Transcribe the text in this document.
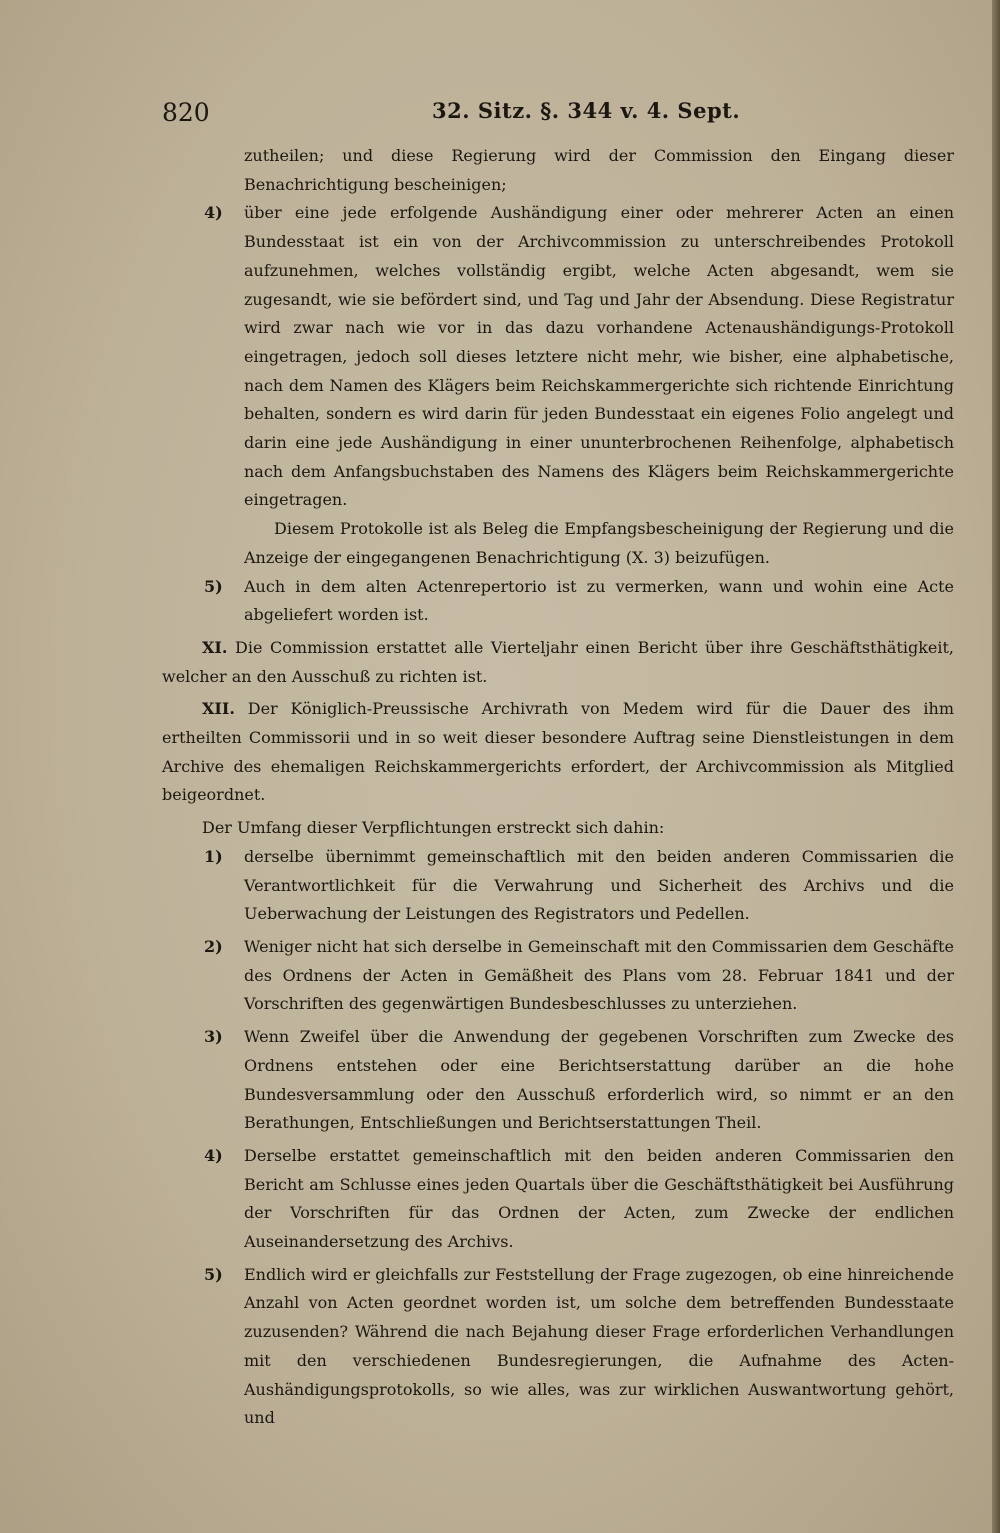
820	32. Sitz. §. 344 v. 4. Sept.

zutheilen; und diese Regierung wird der Commission den Eingang dieser Benachrichtigung bescheinigen;

4)	über eine jede erfolgende Aushändigung einer oder mehrerer Acten an einen Bundesstaat ist ein von der Archivcommission zu unterschreibendes Protokoll aufzunehmen, welches vollständig ergibt, welche Acten abgesandt, wem sie zugesandt, wie sie befördert sind, und Tag und Jahr der Absendung. Diese Registratur wird zwar nach wie vor in das dazu vorhandene Actenaushändigungs-Protokoll eingetragen, jedoch soll dieses letztere nicht mehr, wie bisher, eine alphabetische, nach dem Namen des Klägers beim Reichskammergerichte sich richtende Einrichtung behalten, sondern es wird darin für jeden Bundesstaat ein eigenes Folio angelegt und darin eine jede Aushändigung in einer ununterbrochenen Reihenfolge, alphabetisch nach dem Anfangsbuchstaben des Namens des Klägers beim Reichskammergerichte eingetragen.

Diesem Protokolle ist als Beleg die Empfangsbescheinigung der Regierung und die Anzeige der eingegangenen Benachrichtigung (X. 3) beizufügen.

5)	Auch in dem alten Actenrepertorio ist zu vermerken, wann und wohin eine Acte abgeliefert worden ist.

XI. Die Commission erstattet alle Vierteljahr einen Bericht über ihre Geschäftsthätigkeit, welcher an den Ausschuß zu richten ist.

XII. Der Königlich-Preussische Archivrath von Medem wird für die Dauer des ihm ertheilten Commissorii und in so weit dieser besondere Auftrag seine Dienstleistungen in dem Archive des ehemaligen Reichskammergerichts erfordert, der Archivcommission als Mitglied beigeordnet.

Der Umfang dieser Verpflichtungen erstreckt sich dahin:

1)	derselbe übernimmt gemeinschaftlich mit den beiden anderen Commissarien die Verantwortlichkeit für die Verwahrung und Sicherheit des Archivs und die Ueberwachung der Leistungen des Registrators und Pedellen.

2)	Weniger nicht hat sich derselbe in Gemeinschaft mit den Commissarien dem Geschäfte des Ordnens der Acten in Gemäßheit des Plans vom 28. Februar 1841 und der Vorschriften des gegenwärtigen Bundesbeschlusses zu unterziehen.

3)	Wenn Zweifel über die Anwendung der gegebenen Vorschriften zum Zwecke des Ordnens entstehen oder eine Berichtserstattung darüber an die hohe Bundesversammlung oder den Ausschuß erforderlich wird, so nimmt er an den Berathungen, Entschließungen und Berichtserstattungen Theil.

4)	Derselbe erstattet gemeinschaftlich mit den beiden anderen Commissarien den Bericht am Schlusse eines jeden Quartals über die Geschäftsthätigkeit bei Ausführung der Vorschriften für das Ordnen der Acten, zum Zwecke der endlichen Auseinandersetzung des Archivs.

5)	Endlich wird er gleichfalls zur Feststellung der Frage zugezogen, ob eine hinreichende Anzahl von Acten geordnet worden ist, um solche dem betreffenden Bundesstaate zuzusenden? Während die nach Bejahung dieser Frage erforderlichen Verhandlungen mit den verschiedenen Bundesregierungen, die Aufnahme des Acten-Aushändigungsprotokolls, so wie alles, was zur wirklichen Auswantwortung gehört, und
